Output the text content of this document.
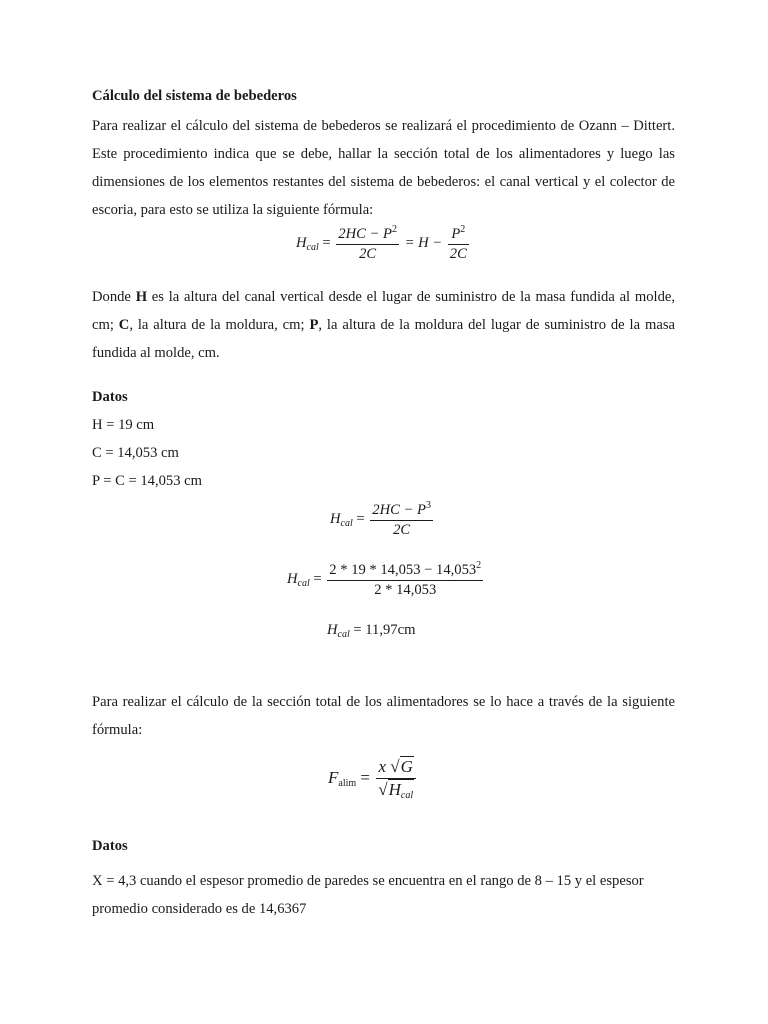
Cálculo del sistema de bebederos

Para realizar el cálculo del sistema de bebederos se realizará el procedimiento de Ozann – Dittert. Este procedimiento indica que se debe, hallar la sección total de los alimentadores y luego las dimensiones de los elementos restantes del sistema de bebederos: el canal vertical y el colector de escoria, para esto se utiliza la siguiente fórmula:

$H_{cal} = \frac{2HC - P^2}{2C} = H - \frac{P^2}{2C}$

Donde H es la altura del canal vertical desde el lugar de suministro de la masa fundida al molde, cm; C, la altura de la moldura, cm; P, la altura de la moldura del lugar de suministro de la masa fundida al molde, cm.

Datos

H = 19 cm

C = 14,053 cm

P = C = 14,053 cm

$H_{cal} = \frac{2HC - P^3}{2C}$
$H_{cal} = \frac{2 * 19 * 14,053 - 14,053^2}{2 * 14,053}$
$H_{cal} = 11,97cm$

Para realizar el cálculo de la sección total de los alimentadores se lo hace a través de la siguiente fórmula:

$F_{alim} = \frac{x √G}{√H_{cal}}$

Datos

X = 4,3 cuando el espesor promedio de paredes se encuentra en el rango de 8 – 15 y el espesor promedio considerado es de 14,6367
